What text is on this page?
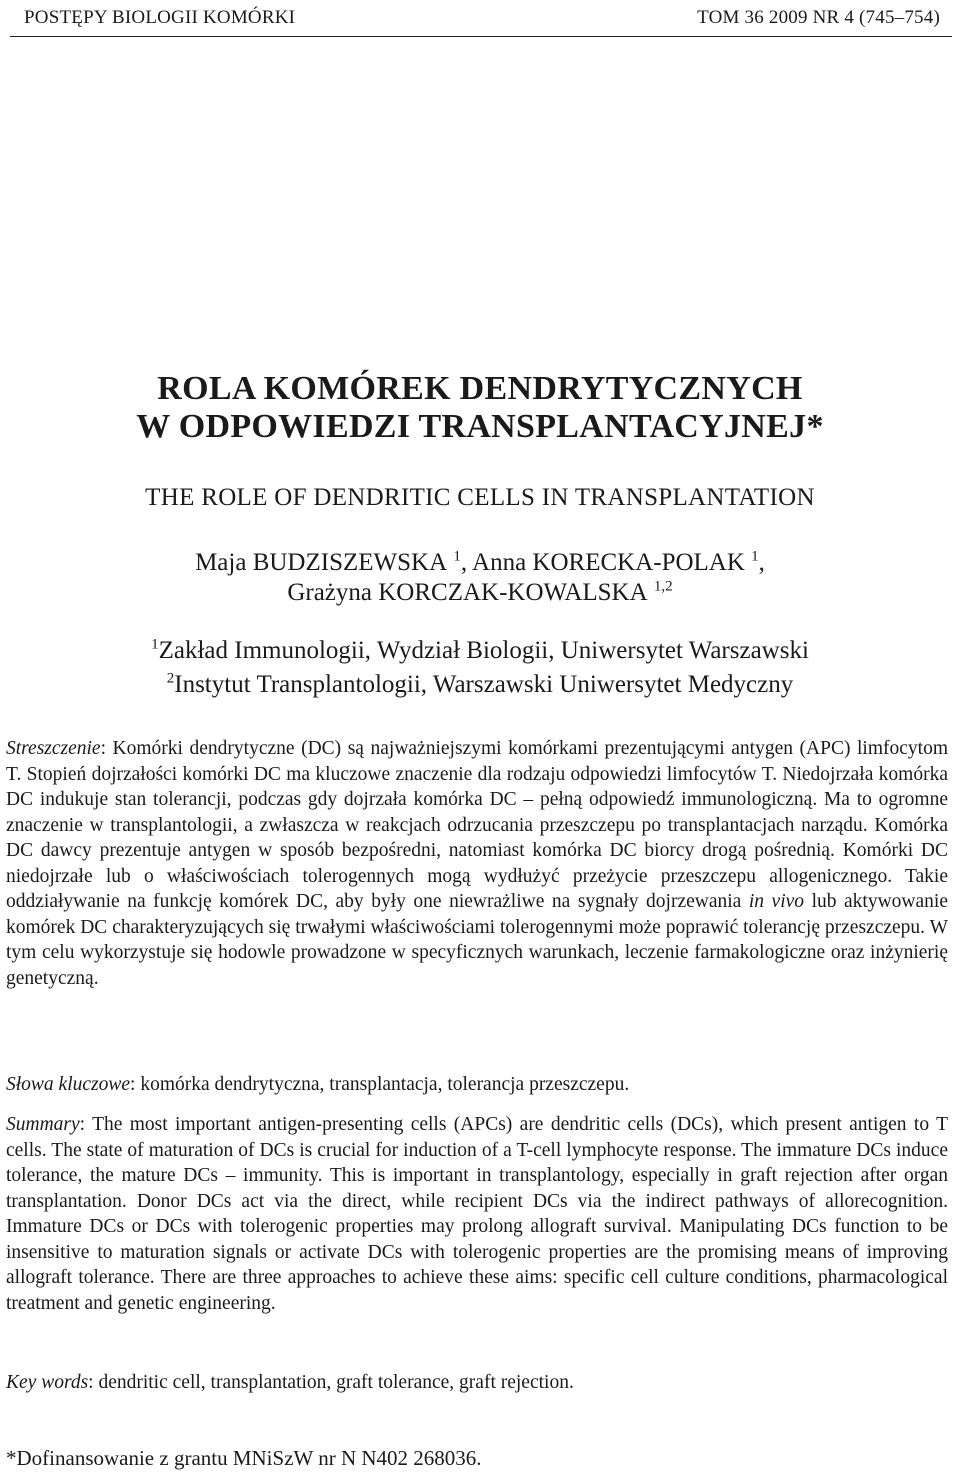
POSTĘPY BIOLOGII KOMÓRKI	TOM 36 2009 NR 4 (745–754)
ROLA KOMÓREK DENDRYTYCZNYCH
W ODPOWIEDZI TRANSPLANTACYJNEJ*
THE ROLE OF DENDRITIC CELLS IN TRANSPLANTATION
Maja BUDZISZEWSKA $^1$, Anna KORECKA-POLAK $^1$,
Grażyna KORCZAK-KOWALSKA $^{1,2}$
$^1$Zakład Immunologii, Wydział Biologii, Uniwersytet Warszawski
$^2$Instytut Transplantologii, Warszawski Uniwersytet Medyczny
Streszczenie: Komórki dendrytyczne (DC) są najważniejszymi komórkami prezentującymi antygen (APC) limfocytom T. Stopień dojrzałości komórki DC ma kluczowe znaczenie dla rodzaju odpowiedzi limfocytów T. Niedojrzała komórka DC indukuje stan tolerancji, podczas gdy dojrzała komórka DC – pełną odpowiedź immunologiczną. Ma to ogromne znaczenie w transplantologii, a zwłaszcza w reakcjach odrzucania przeszczepu po transplantacjach narządu. Komórka DC dawcy prezentuje antygen w sposób bezpośredni, natomiast komórka DC biorcy drogą pośrednią. Komórki DC niedojrzałe lub o właściwościach tolerogennych mogą wydłużyć przeżycie przeszczepu allogenicznego. Takie oddziaływanie na funkcję komórek DC, aby były one niewrażliwe na sygnały dojrzewania in vivo lub aktywowanie komórek DC charakteryzujących się trwałymi właściwościami tolerogennymi może poprawić tolerancję przeszczepu. W tym celu wykorzystuje się hodowle prowadzone w specyficznych warunkach, leczenie farmakologiczne oraz inżynierię genetyczną.
Słowa kluczowe: komórka dendrytyczna, transplantacja, tolerancja przeszczepu.
Summary: The most important antigen-presenting cells (APCs) are dendritic cells (DCs), which present antigen to T cells. The state of maturation of DCs is crucial for induction of a T-cell lymphocyte response. The immature DCs induce tolerance, the mature DCs – immunity. This is important in transplantology, especially in graft rejection after organ transplantation. Donor DCs act via the direct, while recipient DCs via the indirect pathways of allorecognition. Immature DCs or DCs with tolerogenic properties may prolong allograft survival. Manipulating DCs function to be insensitive to maturation signals or activate DCs with tolerogenic properties are the promising means of improving allograft tolerance. There are three approaches to achieve these aims: specific cell culture conditions, pharmacological treatment and genetic engineering.
Key words: dendritic cell, transplantation, graft tolerance, graft rejection.
*Dofinansowanie z grantu MNiSzW nr N N402 268036.
